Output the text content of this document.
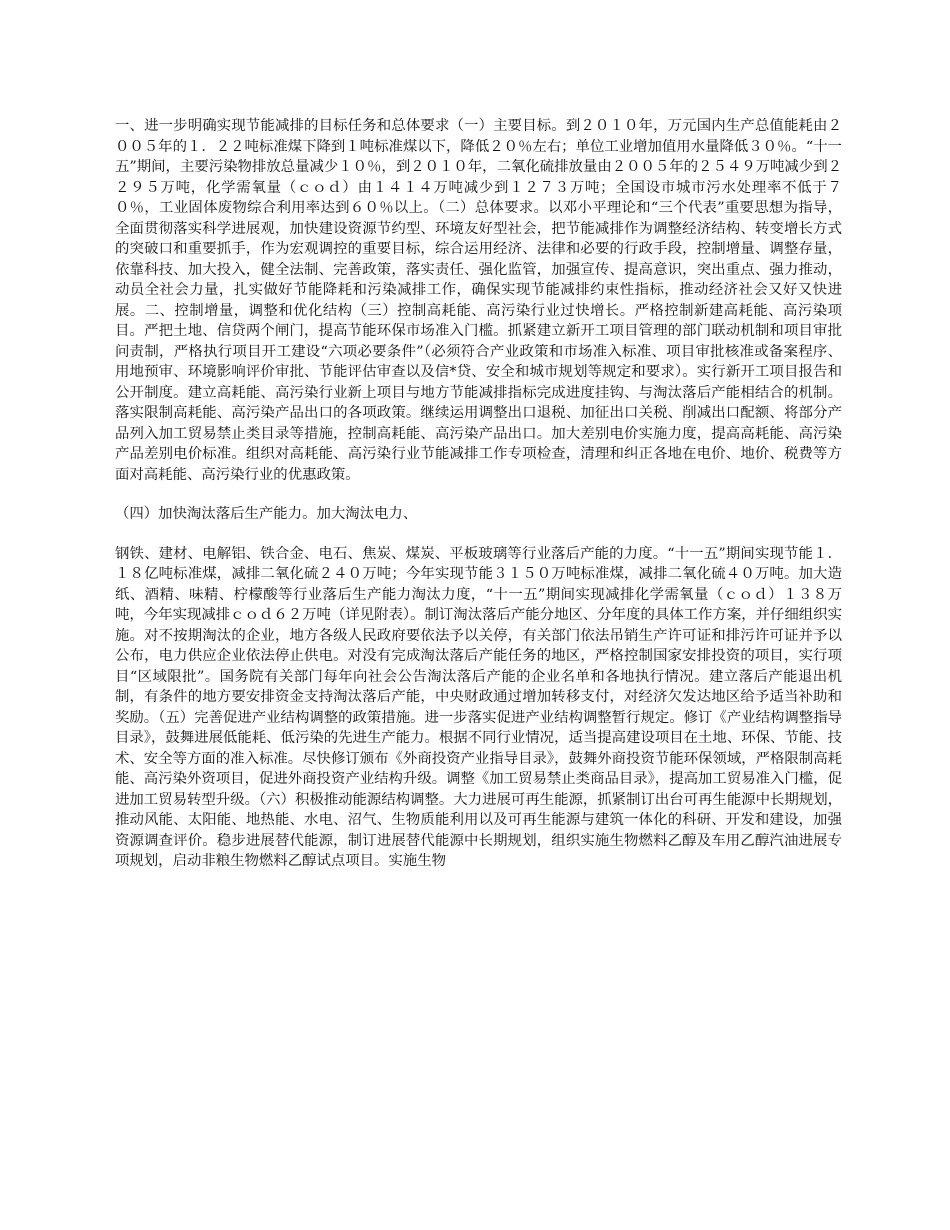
一、进一步明确实现节能减排的目标任务和总体要求（一）主要目标。到２０１０年，万元国内生产总值能耗由２００５年的１．２２吨标准煤下降到１吨标准煤以下，降低２０％左右；单位工业增加值用水量降低３０％。“十一五”期间，主要污染物排放总量减少１０％，到２０１０年，二氧化硫排放量由２００５年的２５４９万吨减少到２２９５万吨，化学需氧量（ｃｏｄ）由１４１４万吨减少到１２７３万吨；全国设市城市污水处理率不低于７０％，工业固体废物综合利用率达到６０％以上。（二）总体要求。以邓小平理论和“三个代表”重要思想为指导，全面贯彻落实科学进展观，加快建设资源节约型、环境友好型社会，把节能减排作为调整经济结构、转变增长方式的突破口和重要抓手，作为宏观调控的重要目标，综合运用经济、法律和必要的行政手段，控制增量、调整存量，依靠科技、加大投入，健全法制、完善政策，落实责任、强化监管，加强宣传、提高意识，突出重点、强力推动，动员全社会力量，扎实做好节能降耗和污染减排工作，确保实现节能减排约束性指标，推动经济社会又好又快进展。二、控制增量，调整和优化结构（三）控制高耗能、高污染行业过快增长。严格控制新建高耗能、高污染项目。严把土地、信贷两个闸门，提高节能环保市场准入门槛。抓紧建立新开工项目管理的部门联动机制和项目审批问责制，严格执行项目开工建设“六项必要条件”（必须符合产业政策和市场准入标准、项目审批核准或备案程序、用地预审、环境影响评价审批、节能评估审查以及信*贷、安全和城市规划等规定和要求）。实行新开工项目报告和公开制度。建立高耗能、高污染行业新上项目与地方节能减排指标完成进度挂钩、与淘汰落后产能相结合的机制。落实限制高耗能、高污染产品出口的各项政策。继续运用调整出口退税、加征出口关税、削减出口配额、将部分产品列入加工贸易禁止类目录等措施，控制高耗能、高污染产品出口。加大差别电价实施力度，提高高耗能、高污染产品差别电价标准。组织对高耗能、高污染行业节能减排工作专项检查，清理和纠正各地在电价、地价、税费等方面对高耗能、高污染行业的优惠政策。

（四）加快淘汰落后生产能力。加大淘汰电力、

钢铁、建材、电解铝、铁合金、电石、焦炭、煤炭、平板玻璃等行业落后产能的力度。“十一五”期间实现节能１．１８亿吨标准煤，减排二氧化硫２４０万吨；今年实现节能３１５０万吨标准煤，减排二氧化硫４０万吨。加大造纸、酒精、味精、柠檬酸等行业落后生产能力淘汰力度，“十一五”期间实现减排化学需氧量（ｃｏｄ）１３８万吨，今年实现减排ｃｏｄ６２万吨（详见附表）。制订淘汰落后产能分地区、分年度的具体工作方案，并仔细组织实施。对不按期淘汰的企业，地方各级人民政府要依法予以关停，有关部门依法吊销生产许可证和排污许可证并予以公布，电力供应企业依法停止供电。对没有完成淘汰落后产能任务的地区，严格控制国家安排投资的项目，实行项目“区域限批”。国务院有关部门每年向社会公告淘汰落后产能的企业名单和各地执行情况。建立落后产能退出机制，有条件的地方要安排资金支持淘汰落后产能，中央财政通过增加转移支付，对经济欠发达地区给予适当补助和奖励。（五）完善促进产业结构调整的政策措施。进一步落实促进产业结构调整暂行规定。修订《产业结构调整指导目录》，鼓舞进展低能耗、低污染的先进生产能力。根据不同行业情况，适当提高建设项目在土地、环保、节能、技术、安全等方面的准入标准。尽快修订颁布《外商投资产业指导目录》，鼓舞外商投资节能环保领域，严格限制高耗能、高污染外资项目，促进外商投资产业结构升级。调整《加工贸易禁止类商品目录》，提高加工贸易准入门槛，促进加工贸易转型升级。（六）积极推动能源结构调整。大力进展可再生能源，抓紧制订出台可再生能源中长期规划，推动风能、太阳能、地热能、水电、沼气、生物质能利用以及可再生能源与建筑一体化的科研、开发和建设，加强资源调查评价。稳步进展替代能源，制订进展替代能源中长期规划，组织实施生物燃料乙醇及车用乙醇汽油进展专项规划，启动非粮生物燃料乙醇试点项目。实施生物
